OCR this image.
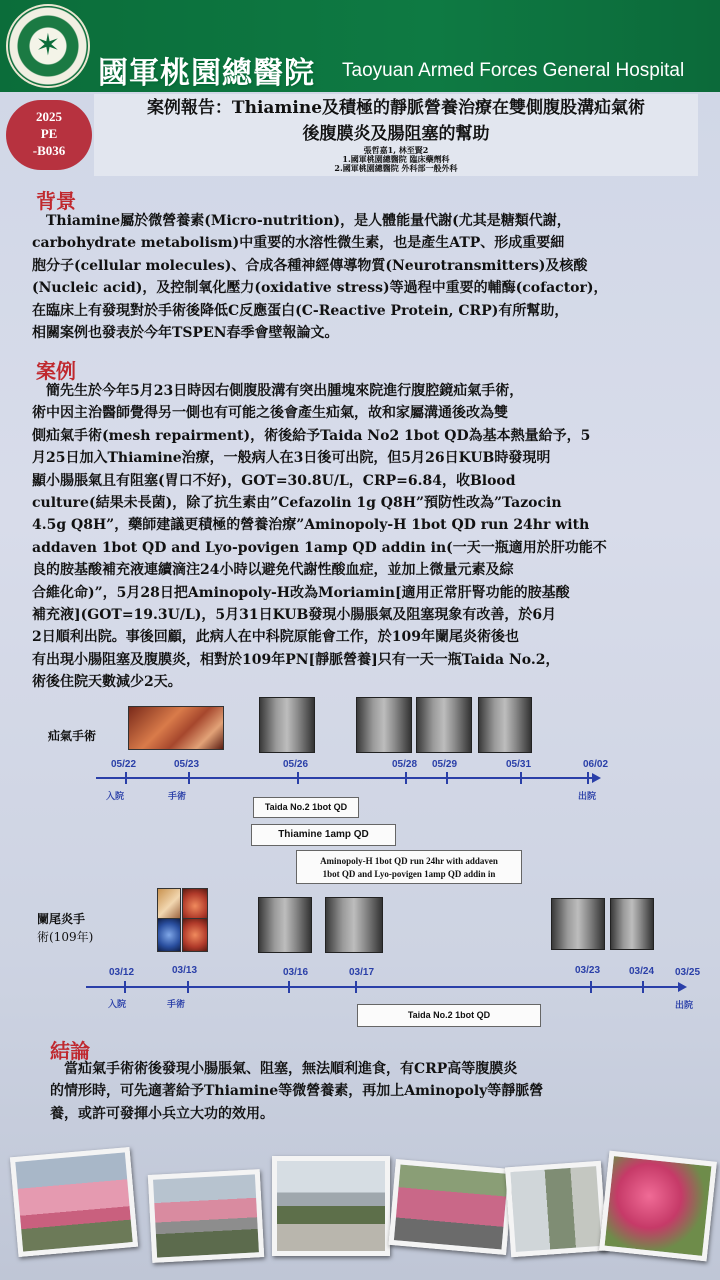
✶
國軍桃園總醫院 Taoyuan Armed Forces General Hospital
2025
PE
-B036
案例報告：Thiamine及積極的靜脈營養治療在雙側腹股溝疝氣術
後腹膜炎及腸阻塞的幫助
張哲嘉1, 林至賢2
1.國軍桃園總醫院 臨床藥劑科
2.國軍桃園總醫院 外科部一般外科
背景
Thiamine屬於微營養素(Micro-nutrition)，是人體能量代謝(尤其是糖類代謝，
carbohydrate metabolism)中重要的水溶性微生素，也是產生ATP、形成重要細
胞分子(cellular molecules)、合成各種神經傳導物質(Neurotransmitters)及核酸
(Nucleic acid)，及控制氧化壓力(oxidative stress)等過程中重要的輔酶(cofactor)，
在臨床上有發現對於手術後降低C反應蛋白(C-Reactive Protein, CRP)有所幫助，
相關案例也發表於今年TSPEN春季會壁報論文。
案例
簡先生於今年5月23日時因右側腹股溝有突出腫塊來院進行腹腔鏡疝氣手術，
術中因主治醫師覺得另一側也有可能之後會產生疝氣，故和家屬溝通後改為雙
側疝氣手術(mesh repairment)，術後給予Taida No2 1bot QD為基本熱量給予，5
月25日加入Thiamine治療，一般病人在3日後可出院，但5月26日KUB時發現明
顯小腸脹氣且有阻塞(胃口不好)，GOT=30.8U/L，CRP=6.84，收Blood
culture(結果未長菌)，除了抗生素由”Cefazolin 1g Q8H”預防性改為”Tazocin
4.5g Q8H”，藥師建議更積極的營養治療”Aminopoly-H 1bot QD run 24hr with
addaven 1bot QD and Lyo-povigen 1amp QD addin in(一天一瓶適用於肝功能不
良的胺基酸補充液連續滴注24小時以避免代謝性酸血症，並加上微量元素及綜
合維化命)”，5月28日把Aminopoly-H改為Moriamin[適用正常肝腎功能的胺基酸
補充液](GOT=19.3U/L)，5月31日KUB發現小腸脹氣及阻塞現象有改善，於6月
2日順利出院。事後回顧，此病人在中科院原能會工作，於109年闌尾炎術後也
有出現小腸阻塞及腹膜炎，相對於109年PN[靜脈營養]只有一天一瓶Taida No.2，
術後住院天數減少2天。
疝氣手術
05/22	05/23	05/26	05/28 05/29	05/31	06/02
入院	手術	出院
Taida No.2 1bot QD
Thiamine 1amp QD
Aminopoly-H 1bot QD run 24hr with addaven
1bot QD and Lyo-povigen 1amp QD addin in
闌尾炎手
術(109年)
03/12	03/13	03/16	03/17	03/23	03/24 03/25
入院	手術	出院
Taida No.2 1bot QD
結論
當疝氣手術術後發現小腸脹氣、阻塞，無法順利進食，有CRP高等腹膜炎
的情形時，可先適著給予Thiamine等微營養素，再加上Aminopoly等靜脈營
養，或許可發揮小兵立大功的效用。
